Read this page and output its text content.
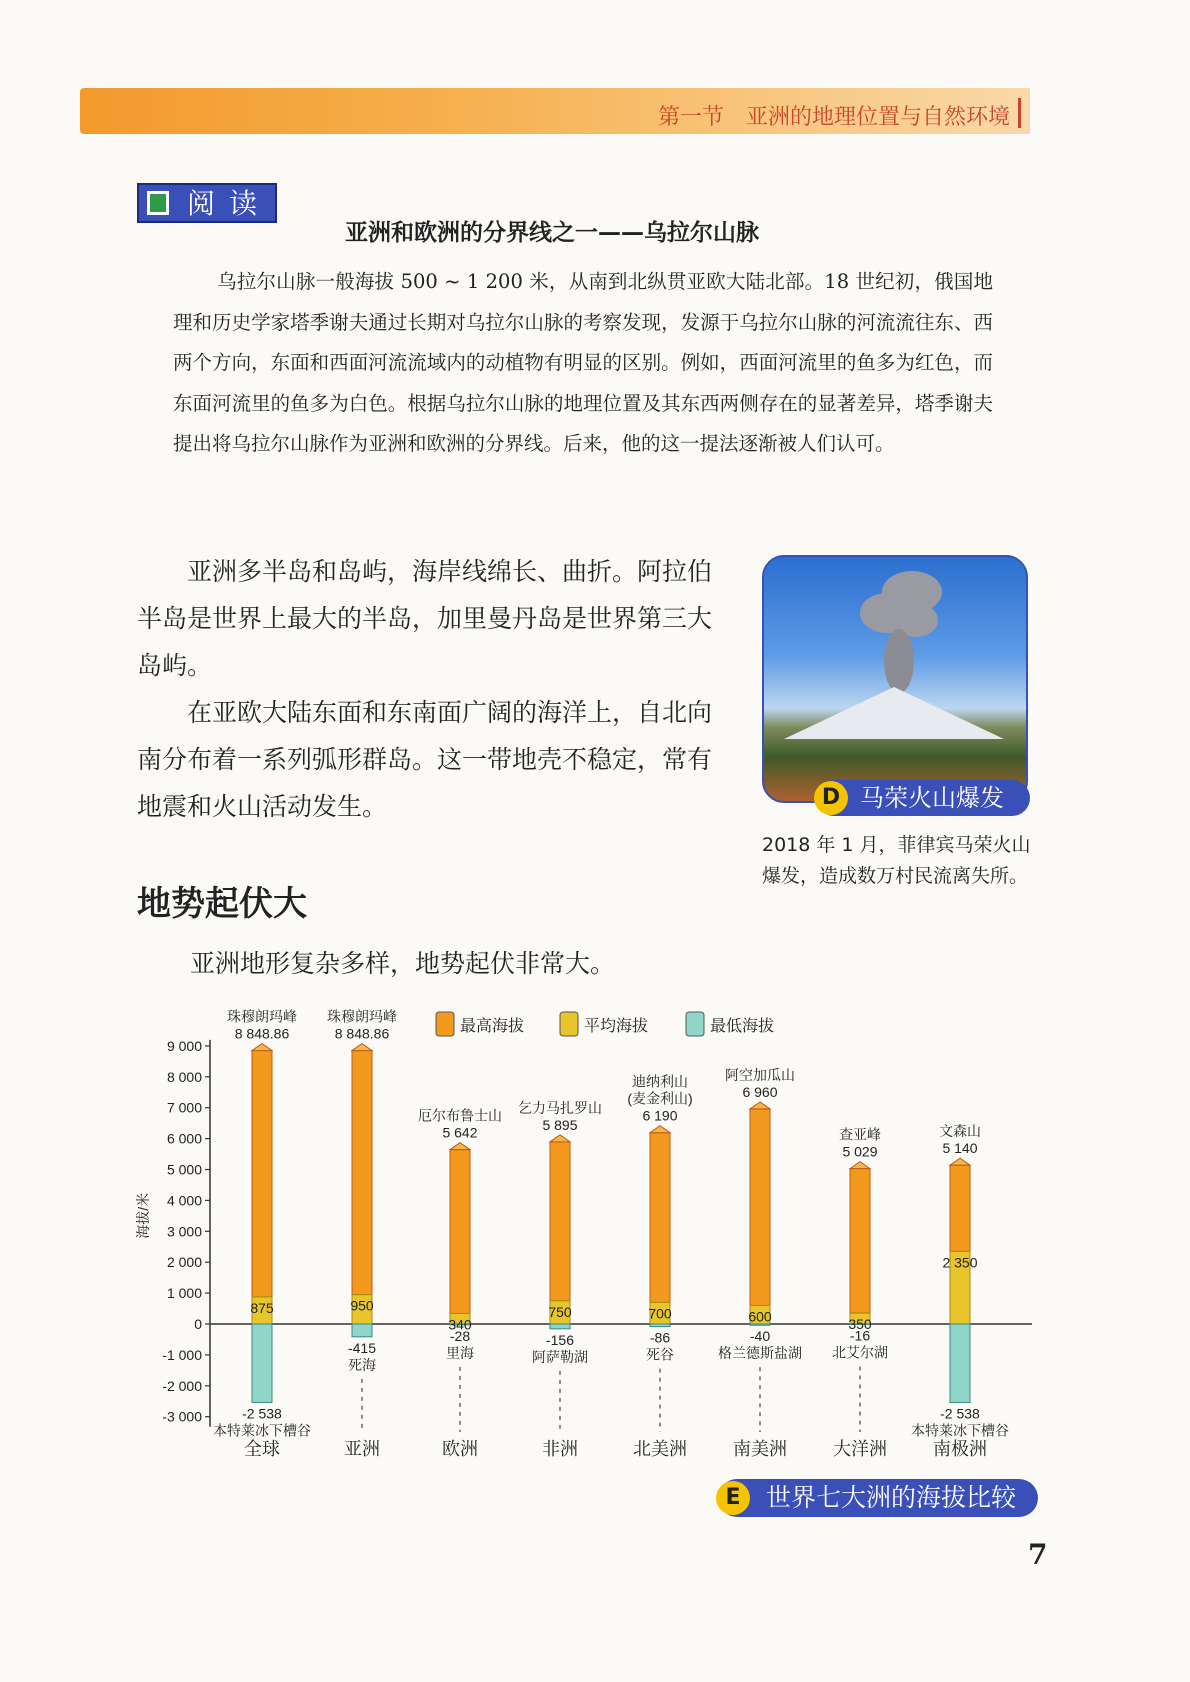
第一节 亚洲的地理位置与自然环境
阅读
亚洲和欧洲的分界线之一——乌拉尔山脉
乌拉尔山脉一般海拔 500 ~ 1 200 米，从南到北纵贯亚欧大陆北部。18 世纪初，俄国地理和历史学家塔季谢夫通过长期对乌拉尔山脉的考察发现，发源于乌拉尔山脉的河流流往东、西两个方向，东面和西面河流流域内的动植物有明显的区别。例如，西面河流里的鱼多为红色，而东面河流里的鱼多为白色。根据乌拉尔山脉的地理位置及其东西两侧存在的显著差异，塔季谢夫提出将乌拉尔山脉作为亚洲和欧洲的分界线。后来，他的这一提法逐渐被人们认可。

亚洲多半岛和岛屿，海岸线绵长、曲折。阿拉伯半岛是世界上最大的半岛，加里曼丹岛是世界第三大岛屿。

在亚欧大陆东面和东南面广阔的海洋上，自北向南分布着一系列弧形群岛。这一带地壳不稳定，常有地震和火山活动发生。	D 马荣火山爆发
2018 年 1 月，菲律宾马荣火山爆发，造成数万村民流离失所。
地势起伏大
亚洲地形复杂多样，地势起伏非常大。
9 000
8 000
7 000
6 000
5 000
4 000
3 000
2 000
1 000
0
-1 000
-2 000
-3 000
海拔/米
最高海拔	平均海拔	最低海拔
875
8 848.86
珠穆朗玛峰
-2 538
本特莱冰下槽谷
全球
950
8 848.86
珠穆朗玛峰
-415
死海
亚洲
340
5 642
厄尔布鲁士山
-28
里海
欧洲
750
5 895
乞力马扎罗山
-156
阿萨勒湖
非洲
700
6 190
(麦金利山)
迪纳利山
-86
死谷
北美洲
600
6 960
阿空加瓜山
-40
格兰德斯盐湖
南美洲
350
5 029
查亚峰
-16
北艾尔湖
大洋洲
2 350
5 140
文森山
-2 538
本特莱冰下槽谷
南极洲
E	世界七大洲的海拔比较
7
